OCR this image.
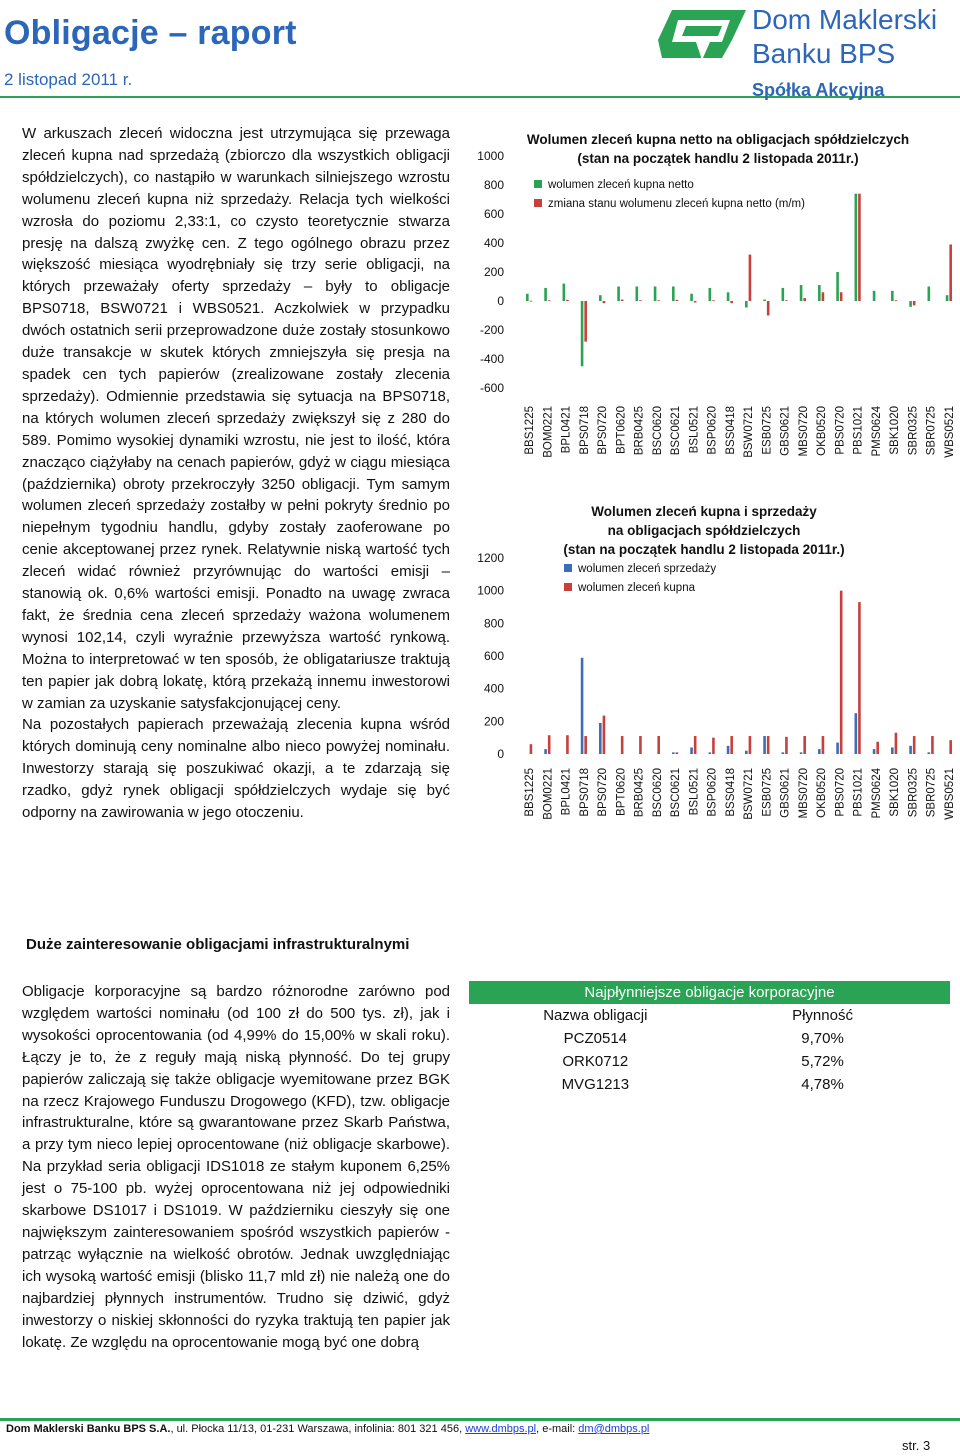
Obligacje – raport
2 listopad 2011 r.
Dom Maklerski
Banku BPS
Spółka Akcyjna

W arkuszach zleceń widoczna jest utrzymująca się przewaga zleceń kupna nad sprzedażą (zbiorczo dla wszystkich obligacji spółdzielczych), co nastąpiło w warunkach silniejszego wzrostu wolumenu zleceń kupna niż sprzedaży. Relacja tych wielkości wzrosła do poziomu 2,33:1, co czysto teoretycznie stwarza presję na dalszą zwyżkę cen. Z tego ogólnego obrazu przez większość miesiąca wyodrębniały się trzy serie obligacji, na których przeważały oferty sprzedaży – były to obligacje BPS0718, BSW0721 i WBS0521. Aczkolwiek w przypadku dwóch ostatnich serii przeprowadzone duże zostały stosunkowo duże transakcje w skutek których zmniejszyła się presja na spadek cen tych papierów (zrealizowane zostały zlecenia sprzedaży). Odmiennie przedstawia się sytuacja na BPS0718, na których wolumen zleceń sprzedaży zwiększył się z 280 do 589. Pomimo wysokiej dynamiki wzrostu, nie jest to ilość, która znacząco ciążyłaby na cenach papierów, gdyż w ciągu miesiąca (października) obroty przekroczyły 3250 obligacji. Tym samym wolumen zleceń sprzedaży zostałby w pełni pokryty średnio po niepełnym tygodniu handlu, gdyby zostały zaoferowane po cenie akceptowanej przez rynek. Relatywnie niską wartość tych zleceń widać również przyrównując do wartości emisji – stanowią ok. 0,6% wartości emisji. Ponadto na uwagę zwraca fakt, że średnia cena zleceń sprzedaży ważona wolumenem wynosi 102,14, czyli wyraźnie przewyższa wartość rynkową. Można to interpretować w ten sposób, że obligatariusze traktują ten papier jak dobrą lokatę, którą przekażą innemu inwestorowi w zamian za uzyskanie satysfakcjonującej ceny.

Na pozostałych papierach przeważają zlecenia kupna wśród których dominują ceny nominalne albo nieco powyżej nominału. Inwestorzy starają się poszukiwać okazji, a te zdarzają się rzadko, gdyż rynek obligacji spółdzielczych wydaje się być odporny na zawirowania w jego otoczeniu.

Duże zainteresowanie obligacjami infrastrukturalnymi

Obligacje korporacyjne są bardzo różnorodne zarówno pod względem wartości nominału (od 100 zł do 500 tys. zł), jak i wysokości oprocentowania (od 4,99% do 15,00% w skali roku). Łączy je to, że z reguły mają niską płynność. Do tej grupy papierów zaliczają się także obligacje wyemitowane przez BGK na rzecz Krajowego Funduszu Drogowego (KFD), tzw. obligacje infrastrukturalne, które są gwarantowane przez Skarb Państwa, a przy tym nieco lepiej oprocentowane (niż obligacje skarbowe). Na przykład seria obligacji IDS1018 ze stałym kuponem 6,25% jest o 75-100 pb. wyżej oprocentowana niż jej odpowiedniki skarbowe DS1017 i DS1019. W październiku cieszyły się one największym zainteresowaniem spośród wszystkich papierów - patrząc wyłącznie na wielkość obrotów. Jednak uwzględniając ich wysoką wartość emisji (blisko 11,7 mld zł) nie należą one do najbardziej płynnych instrumentów. Trudno się dziwić, gdyż inwestorzy o niskiej skłonności do ryzyka traktują ten papier jak lokatę. Ze względu na oprocentowanie mogą być one dobrą

Wolumen zleceń kupna netto na obligacjach spółdzielczych
(stan na początek handlu 2 listopada 2011r.)
wolumen zleceń kupna netto
zmiana stanu wolumenu zleceń kupna netto (m/m)
1000
800
600
400
200
0
-200
-400
-600
BBS1225 BOM0221 BPL0421 BPS0718 BPS0720 BPT0620 BRB0425 BSC0620 BSC0621 BSL0521 BSP0620 BSS0418 BSW0721 ESB0725 GBS0621 MBS0720 OKB0520 PBS0720 PBS1021 PMS0624 SBK1020 SBR0325 SBR0725 WBS0521
Wolumen zleceń kupna i sprzedaży
na obligacjach spółdzielczych
(stan na początek handlu 2 listopada 2011r.)
wolumen zleceń sprzedaży
wolumen zleceń kupna
1200
1000
800
600
400
200
0
BBS1225 BOM0221 BPL0421 BPS0718 BPS0720 BPT0620 BRB0425 BSC0620 BSC0621 BSL0521 BSP0620 BSS0418 BSW0721 ESB0725 GBS0621 MBS0720 OKB0520 PBS0720 PBS1021 PMS0624 SBK1020 SBR0325 SBR0725 WBS0521
Najpłynniejsze obligacje korporacyjne		
	Nazwa obligacji	Płynność
	PCZ0514	9,70%
	ORK0712	5,72%
	MVG1213	4,78%
Dom Maklerski Banku BPS S.A., ul. Płocka 11/13, 01-231 Warszawa, infolinia: 801 321 456, www.dmbps.pl, e-mail: dm@dmbps.pl
str. 3
